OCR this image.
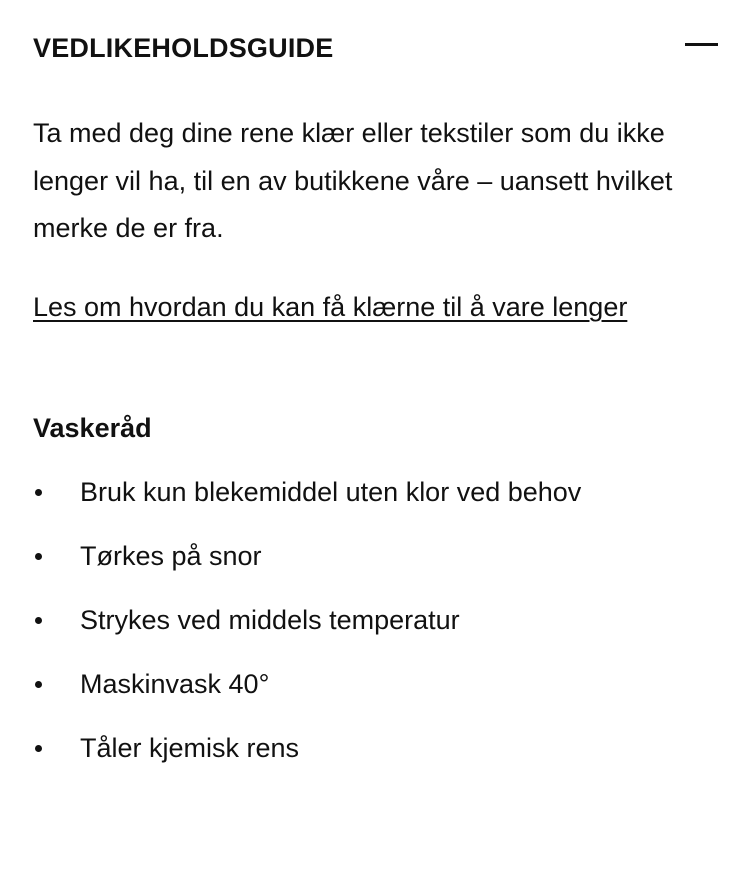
VEDLIKEHOLDSGUIDE

Ta med deg dine rene klær eller tekstiler som du ikke lenger vil ha, til en av butikkene våre – uansett hvilket merke de er fra.

Les om hvordan du kan få klærne til å vare lenger
Vaskeråd
Bruk kun blekemiddel uten klor ved behov
Tørkes på snor
Strykes ved middels temperatur
Maskinvask 40°
Tåler kjemisk rens
